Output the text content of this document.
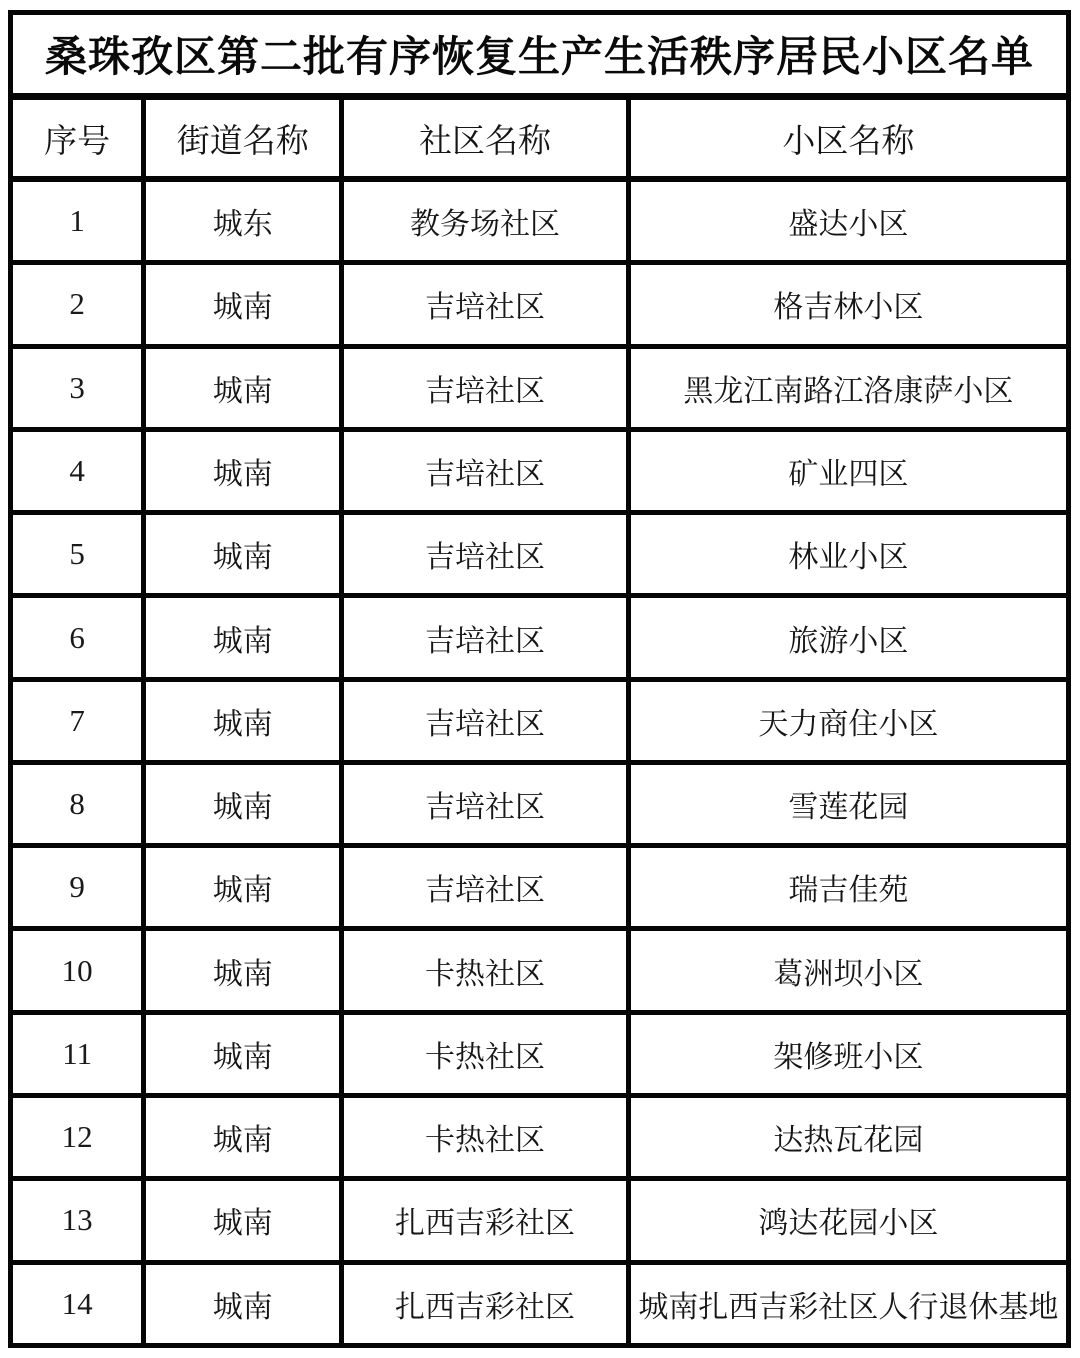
桑珠孜区第二批有序恢复生产生活秩序居民小区名单			
序号	街道名称	社区名称	小区名称
1	城东	教务场社区	盛达小区
2	城南	吉培社区	格吉林小区
3	城南	吉培社区	黑龙江南路江洛康萨小区
4	城南	吉培社区	矿业四区
5	城南	吉培社区	林业小区
6	城南	吉培社区	旅游小区
7	城南	吉培社区	天力商住小区
8	城南	吉培社区	雪莲花园
9	城南	吉培社区	瑞吉佳苑
10	城南	卡热社区	葛洲坝小区
11	城南	卡热社区	架修班小区
12	城南	卡热社区	达热瓦花园
13	城南	扎西吉彩社区	鸿达花园小区
14	城南	扎西吉彩社区	城南扎西吉彩社区人行退休基地
